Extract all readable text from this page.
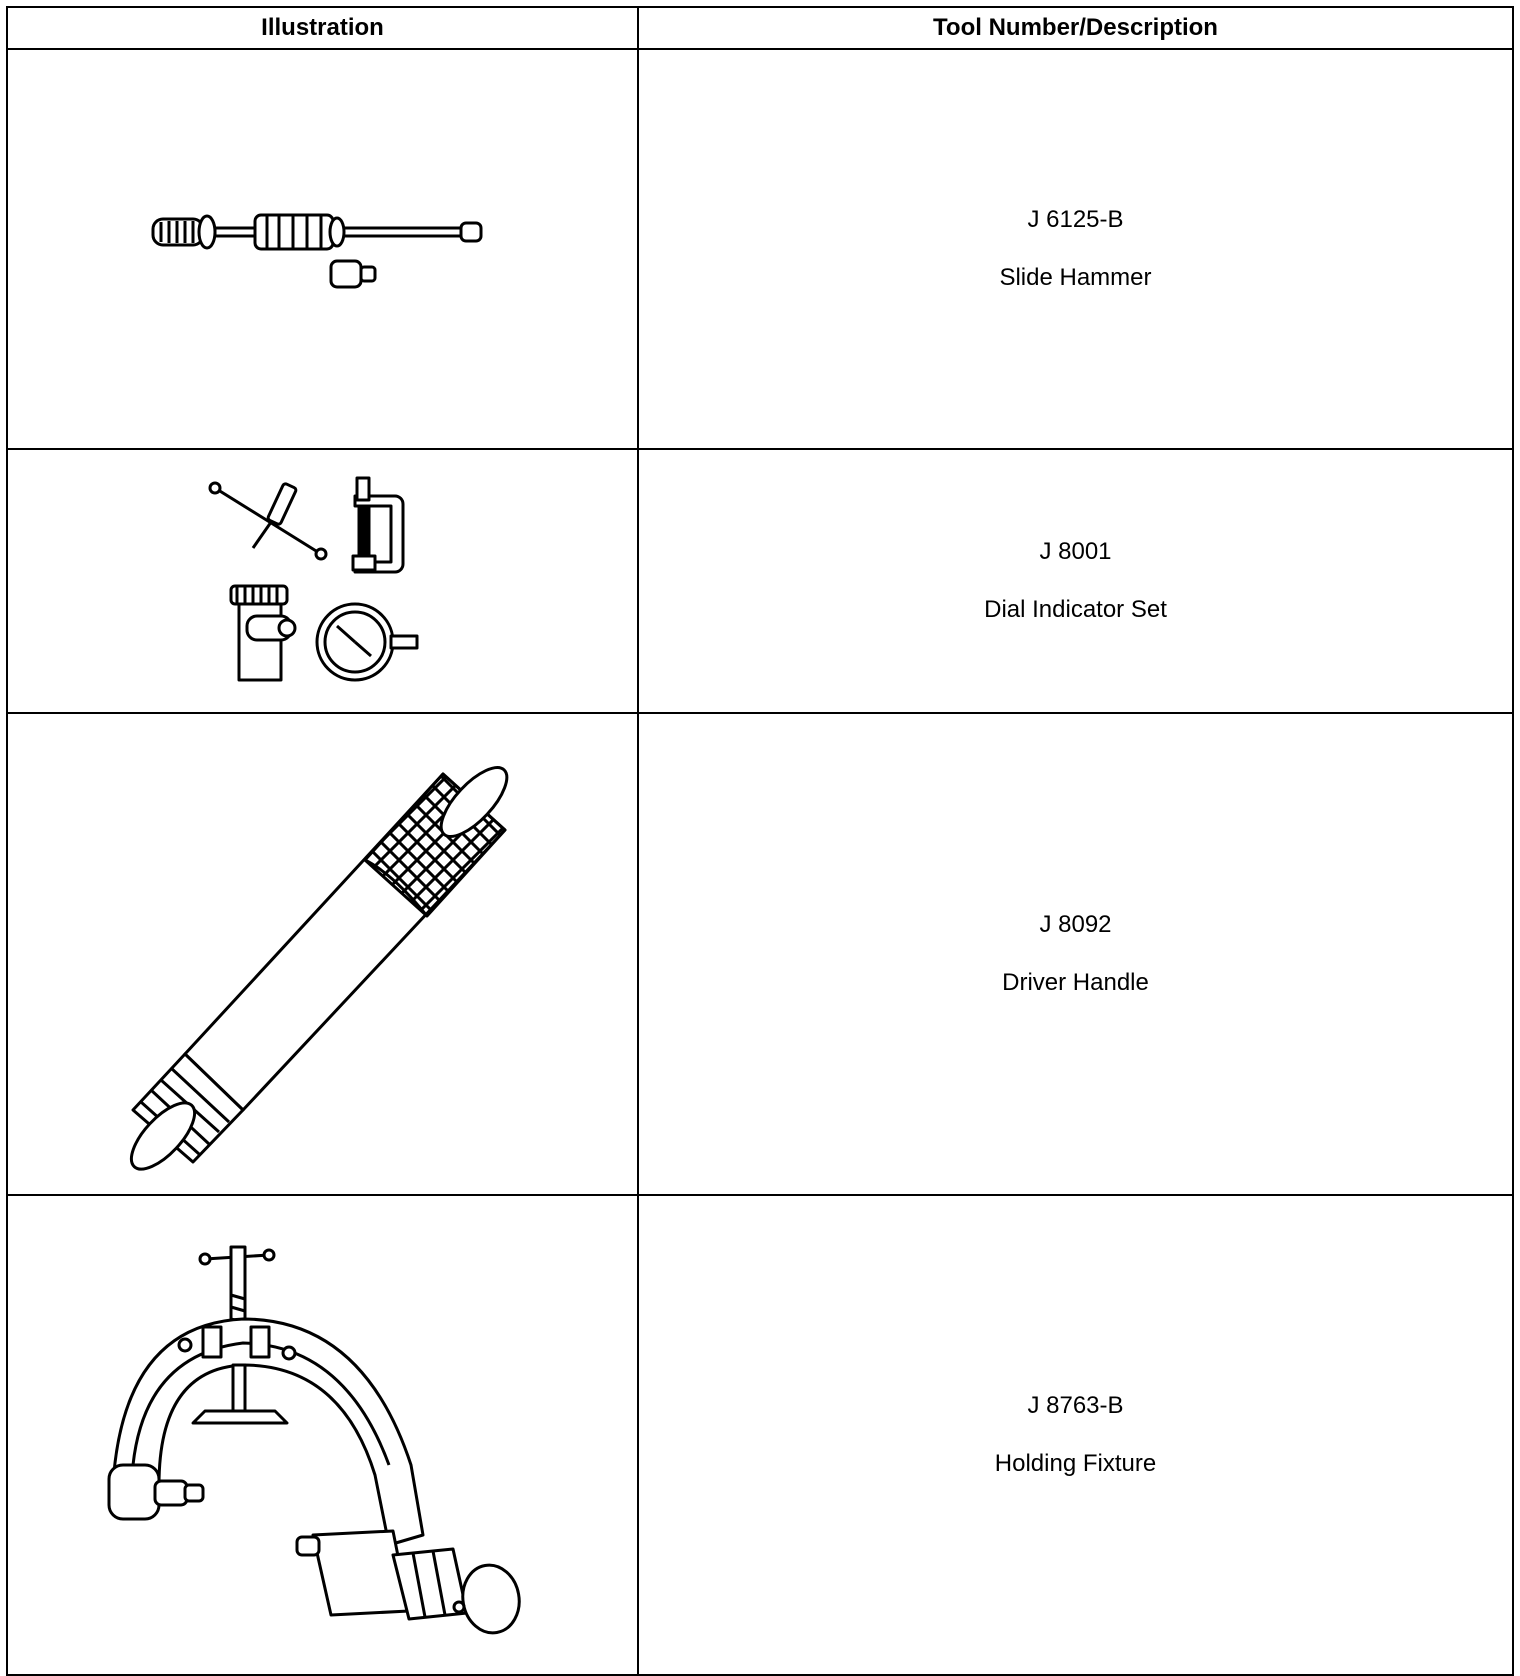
Illustration	Tool Number/Description

J 6125-B
Slide Hammer

J 8001
Dial Indicator Set

J 8092
Driver Handle

J 8763-B
Holding Fixture
